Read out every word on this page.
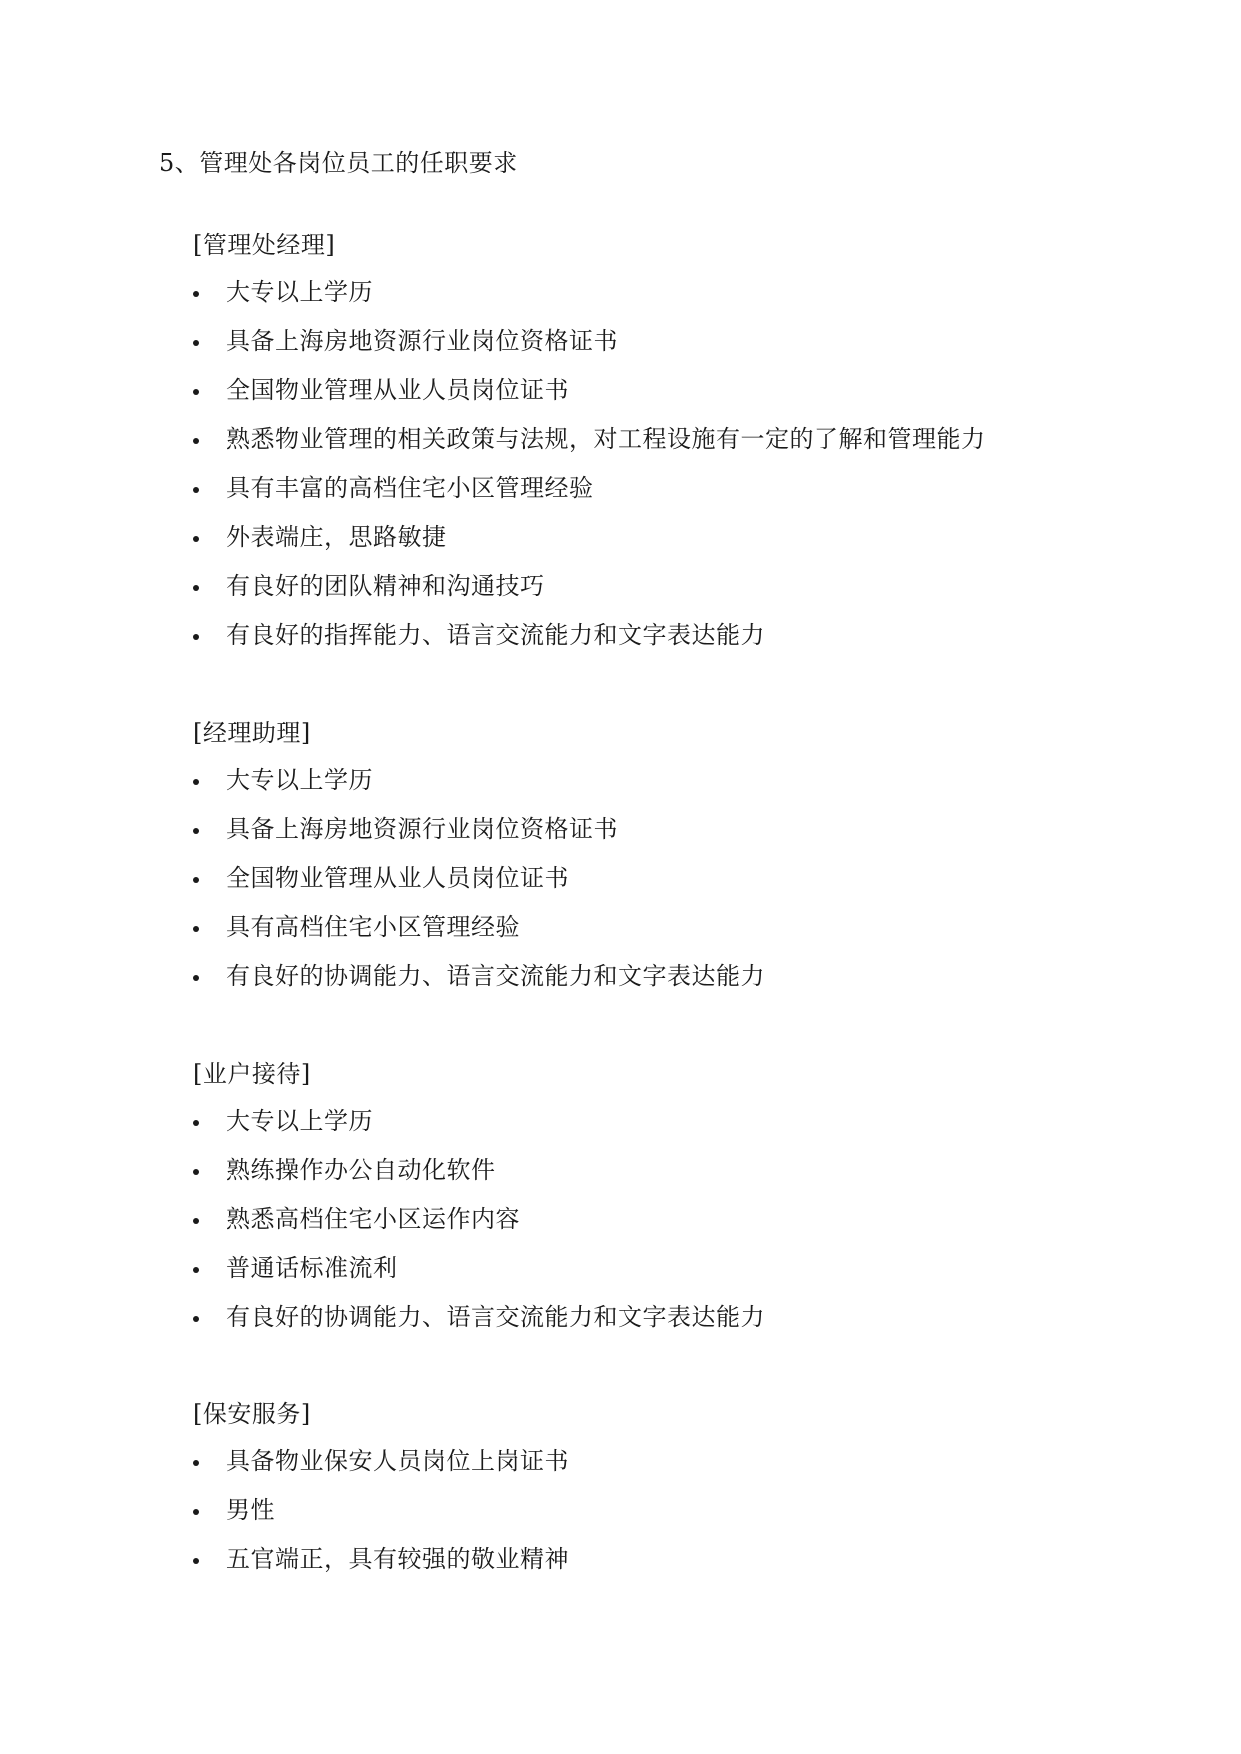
5、管理处各岗位员工的任职要求
[管理处经理]
大专以上学历
具备上海房地资源行业岗位资格证书
全国物业管理从业人员岗位证书
熟悉物业管理的相关政策与法规，对工程设施有一定的了解和管理能力
具有丰富的高档住宅小区管理经验
外表端庄，思路敏捷
有良好的团队精神和沟通技巧
有良好的指挥能力、语言交流能力和文字表达能力
[经理助理]
大专以上学历
具备上海房地资源行业岗位资格证书
全国物业管理从业人员岗位证书
具有高档住宅小区管理经验
有良好的协调能力、语言交流能力和文字表达能力
[业户接待]
大专以上学历
熟练操作办公自动化软件
熟悉高档住宅小区运作内容
普通话标准流利
有良好的协调能力、语言交流能力和文字表达能力
[保安服务]
具备物业保安人员岗位上岗证书
男性
五官端正，具有较强的敬业精神
